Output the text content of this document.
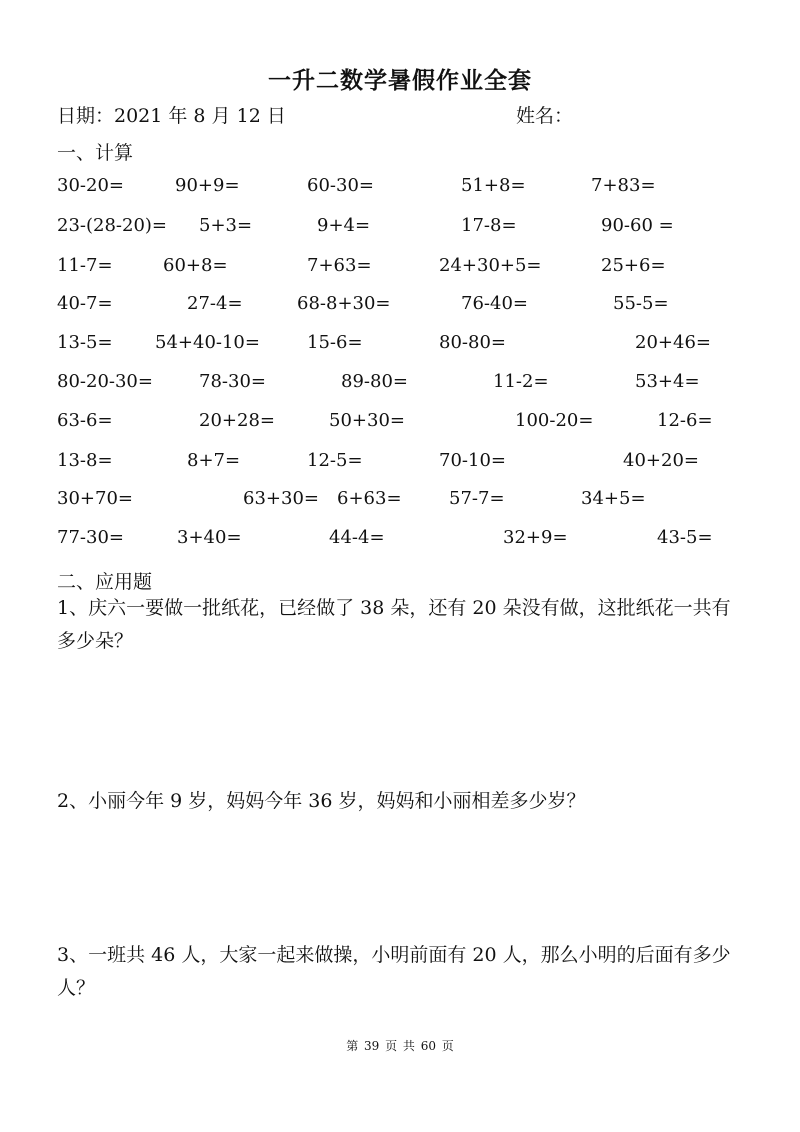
一升二数学暑假作业全套
日期：2021 年 8 月 12 日	姓名：
一、计算
30-20=	90+9=	60-30=	51+8=	7+83=
23-(28-20)= 5+3=	9+4=	17-8=	90-60 =
11-7=	60+8=	7+63=	24+30+5=	25+6=
40-7=	27-4=	68-8+30=	76-40=	55-5=
13-5= 54+40-10=	15-6=	80-80=	20+46=
80-20-30=	78-30=	89-80=	11-2=	53+4=
63-6=	20+28=	50+30=	100-20=	12-6=
13-8=	8+7=	12-5=	70-10=	40+20=
30+70=	63+30= 6+63=	57-7=	34+5=
77-30=	3+40=	44-4=	32+9=	43-5=
二、应用题
1、庆六一要做一批纸花，已经做了 38 朵，还有 20 朵没有做，这批纸花一共有多少朵？
2、小丽今年 9 岁，妈妈今年 36 岁，妈妈和小丽相差多少岁？
3、一班共 46 人，大家一起来做操，小明前面有 20 人，那么小明的后面有多少人？
第 39 页 共 60 页
